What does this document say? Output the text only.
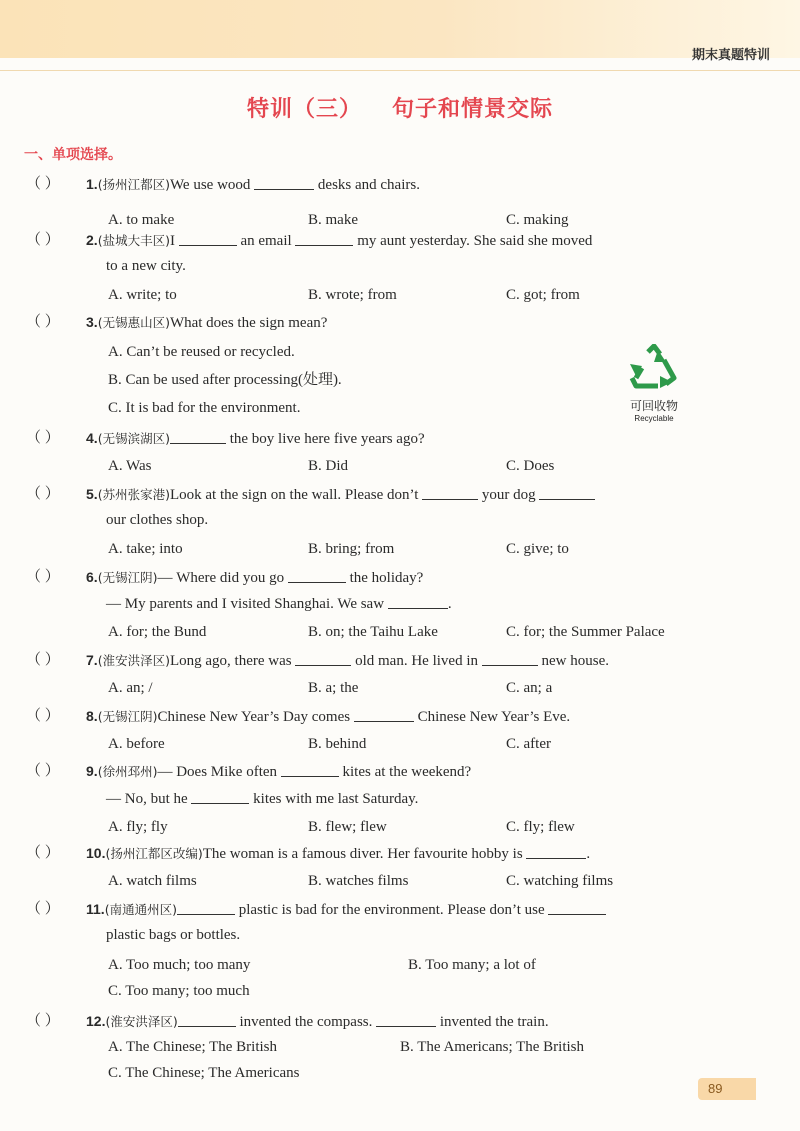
期末真题特训
特训（三） 句子和情景交际
一、单项选择。
（ ） 1.(扬州江都区)We use wood	desks and chairs.
A. to make	B. make	C. making
（ ） 2.(盐城大丰区)I	an email	my aunt yesterday. She said she moved
to a new city.
A. write; to	B. wrote; from	C. got; from
（ ） 3.(无锡惠山区)What does the sign mean?
A. Can’t be reused or recycled.
B. Can be used after processing(处理).
C. It is bad for the environment.
（ ） 4.(无锡滨湖区)	the boy live here five years ago?
A. Was	B. Did	C. Does
（ ） 5.(苏州张家港)Look at the sign on the wall. Please don’t	your dog
our clothes shop.
A. take; into	B. bring; from	C. give; to
（ ） 6.(无锡江阴)— Where did you go	the holiday?
— My parents and I visited Shanghai. We saw	.
A. for; the Bund	B. on; the Taihu Lake	C. for; the Summer Palace
（ ） 7.(淮安洪泽区)Long ago, there was	old man. He lived in	new house.
A. an; /	B. a; the	C. an; a
（ ） 8.(无锡江阴)Chinese New Year’s Day comes	Chinese New Year’s Eve.
A. before	B. behind	C. after
（ ） 9.(徐州邳州)— Does Mike often	kites at the weekend?
— No, but he	kites with me last Saturday.
A. fly; fly	B. flew; flew	C. fly; flew
（ ） 10.(扬州江都区改编)The woman is a famous diver. Her favourite hobby is	.
A. watch films	B. watches films	C. watching films
（ ） 11.(南通通州区)	plastic is bad for the environment. Please don’t use
plastic bags or bottles.
A. Too much; too many	B. Too many; a lot of
C. Too many; too much
（ ） 12.(淮安洪泽区)	invented the compass.	invented the train.
A. The Chinese; The British	B. The Americans; The British
C. The Chinese; The Americans
可回收物
Recyclable
89
